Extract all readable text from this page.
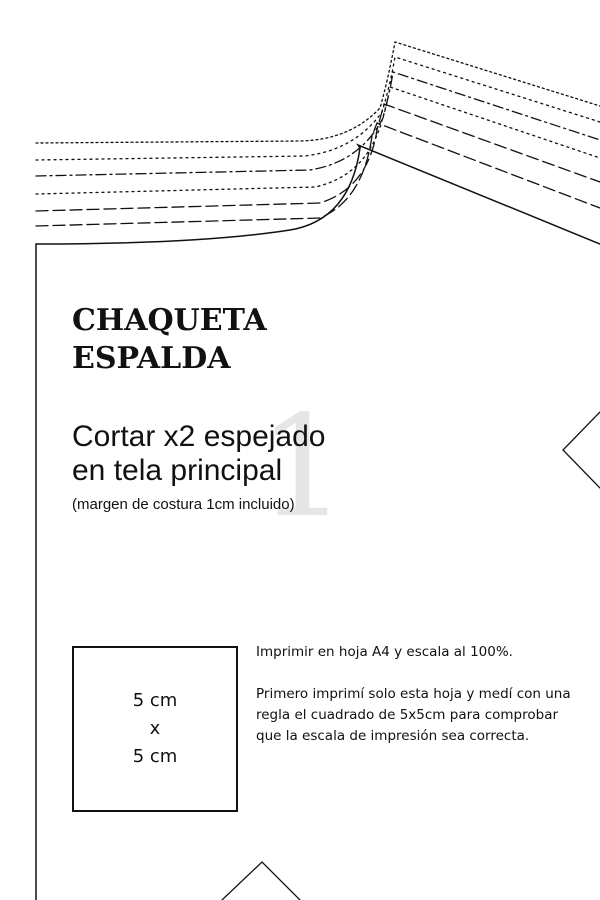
1
CHAQUETA
ESPALDA
Cortar x2 espejado
en tela principal
(margen de costura 1cm incluido)
5 cm
x
5 cm

Imprimir en hoja A4 y escala al 100%.

Primero imprimí solo esta hoja y medí con una regla el cuadrado de 5x5cm para comprobar que la escala de impresión sea correcta.
